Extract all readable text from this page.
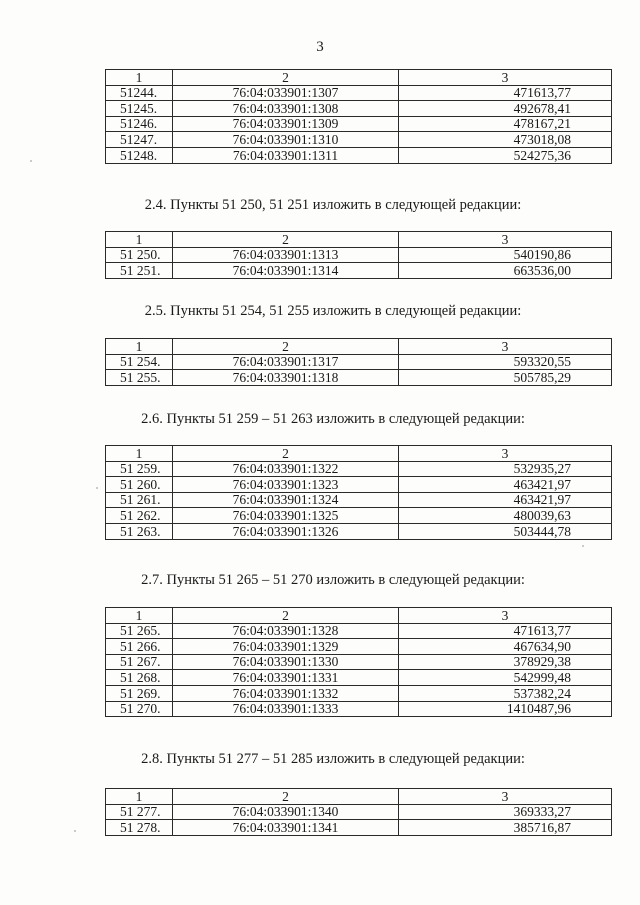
3
1	2	3
51244.	76:04:033901:1307	471613,77
51245.	76:04:033901:1308	492678,41
51246.	76:04:033901:1309	478167,21
51247.	76:04:033901:1310	473018,08
51248.	76:04:033901:1311	524275,36
2.4. Пункты 51 250, 51 251 изложить в следующей редакции:
1	2	3
51 250.	76:04:033901:1313	540190,86
51 251.	76:04:033901:1314	663536,00
2.5. Пункты 51 254, 51 255 изложить в следующей редакции:
1	2	3
51 254.	76:04:033901:1317	593320,55
51 255.	76:04:033901:1318	505785,29
2.6. Пункты 51 259 – 51 263 изложить в следующей редакции:
1	2	3
51 259.	76:04:033901:1322	532935,27
51 260.	76:04:033901:1323	463421,97
51 261.	76:04:033901:1324	463421,97
51 262.	76:04:033901:1325	480039,63
51 263.	76:04:033901:1326	503444,78
2.7. Пункты 51 265 – 51 270 изложить в следующей редакции:
1	2	3
51 265.	76:04:033901:1328	471613,77
51 266.	76:04:033901:1329	467634,90
51 267.	76:04:033901:1330	378929,38
51 268.	76:04:033901:1331	542999,48
51 269.	76:04:033901:1332	537382,24
51 270.	76:04:033901:1333	1410487,96
2.8. Пункты 51 277 – 51 285 изложить в следующей редакции:
1	2	3
51 277.	76:04:033901:1340	369333,27
51 278.	76:04:033901:1341	385716,87
